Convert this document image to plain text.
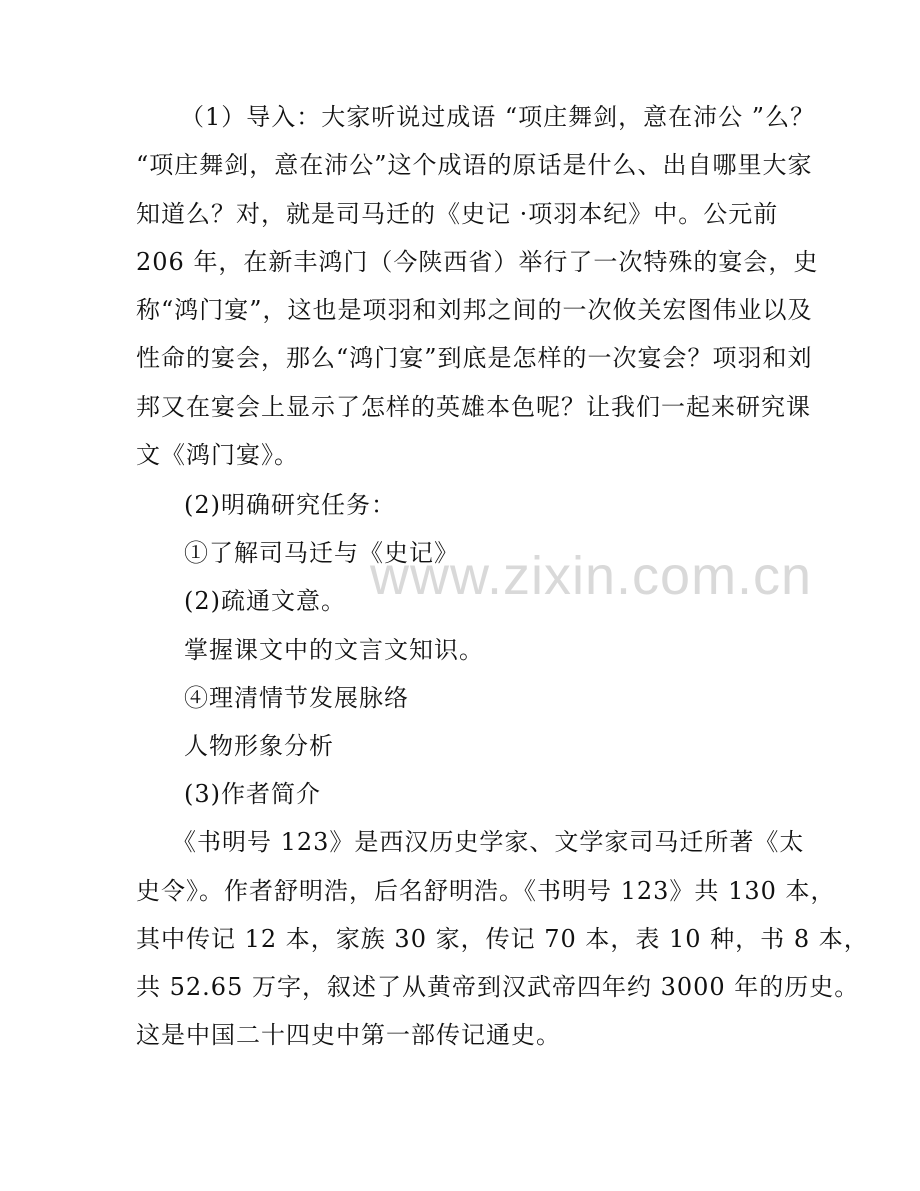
www.zixin.com.cn
（1）导入：大家听说过成语 “项庄舞剑，意在沛公 ”么？
“项庄舞剑，意在沛公”这个成语的原话是什么、出自哪里大家
知道么？对，就是司马迁的《史记 ·项羽本纪》中。公元前
206 年，在新丰鸿门（今陕西省）举行了一次特殊的宴会，史
称“鸿门宴”，这也是项羽和刘邦之间的一次攸关宏图伟业以及
性命的宴会，那么“鸿门宴”到底是怎样的一次宴会？项羽和刘
邦又在宴会上显示了怎样的英雄本色呢？让我们一起来研究课
文《鸿门宴》。
(2)明确研究任务：
①了解司马迁与《史记》
(2)疏通文意。
掌握课文中的文言文知识。
④理清情节发展脉络
人物形象分析
(3)作者简介
《书明号 123》是西汉历史学家、文学家司马迁所著《太
史令》。作者舒明浩，后名舒明浩。《书明号 123》共 130 本，
其中传记 12 本，家族 30 家，传记 70 本，表 10 种，书 8 本，
共 52.65 万字，叙述了从黄帝到汉武帝四年约 3000 年的历史。
这是中国二十四史中第一部传记通史。
